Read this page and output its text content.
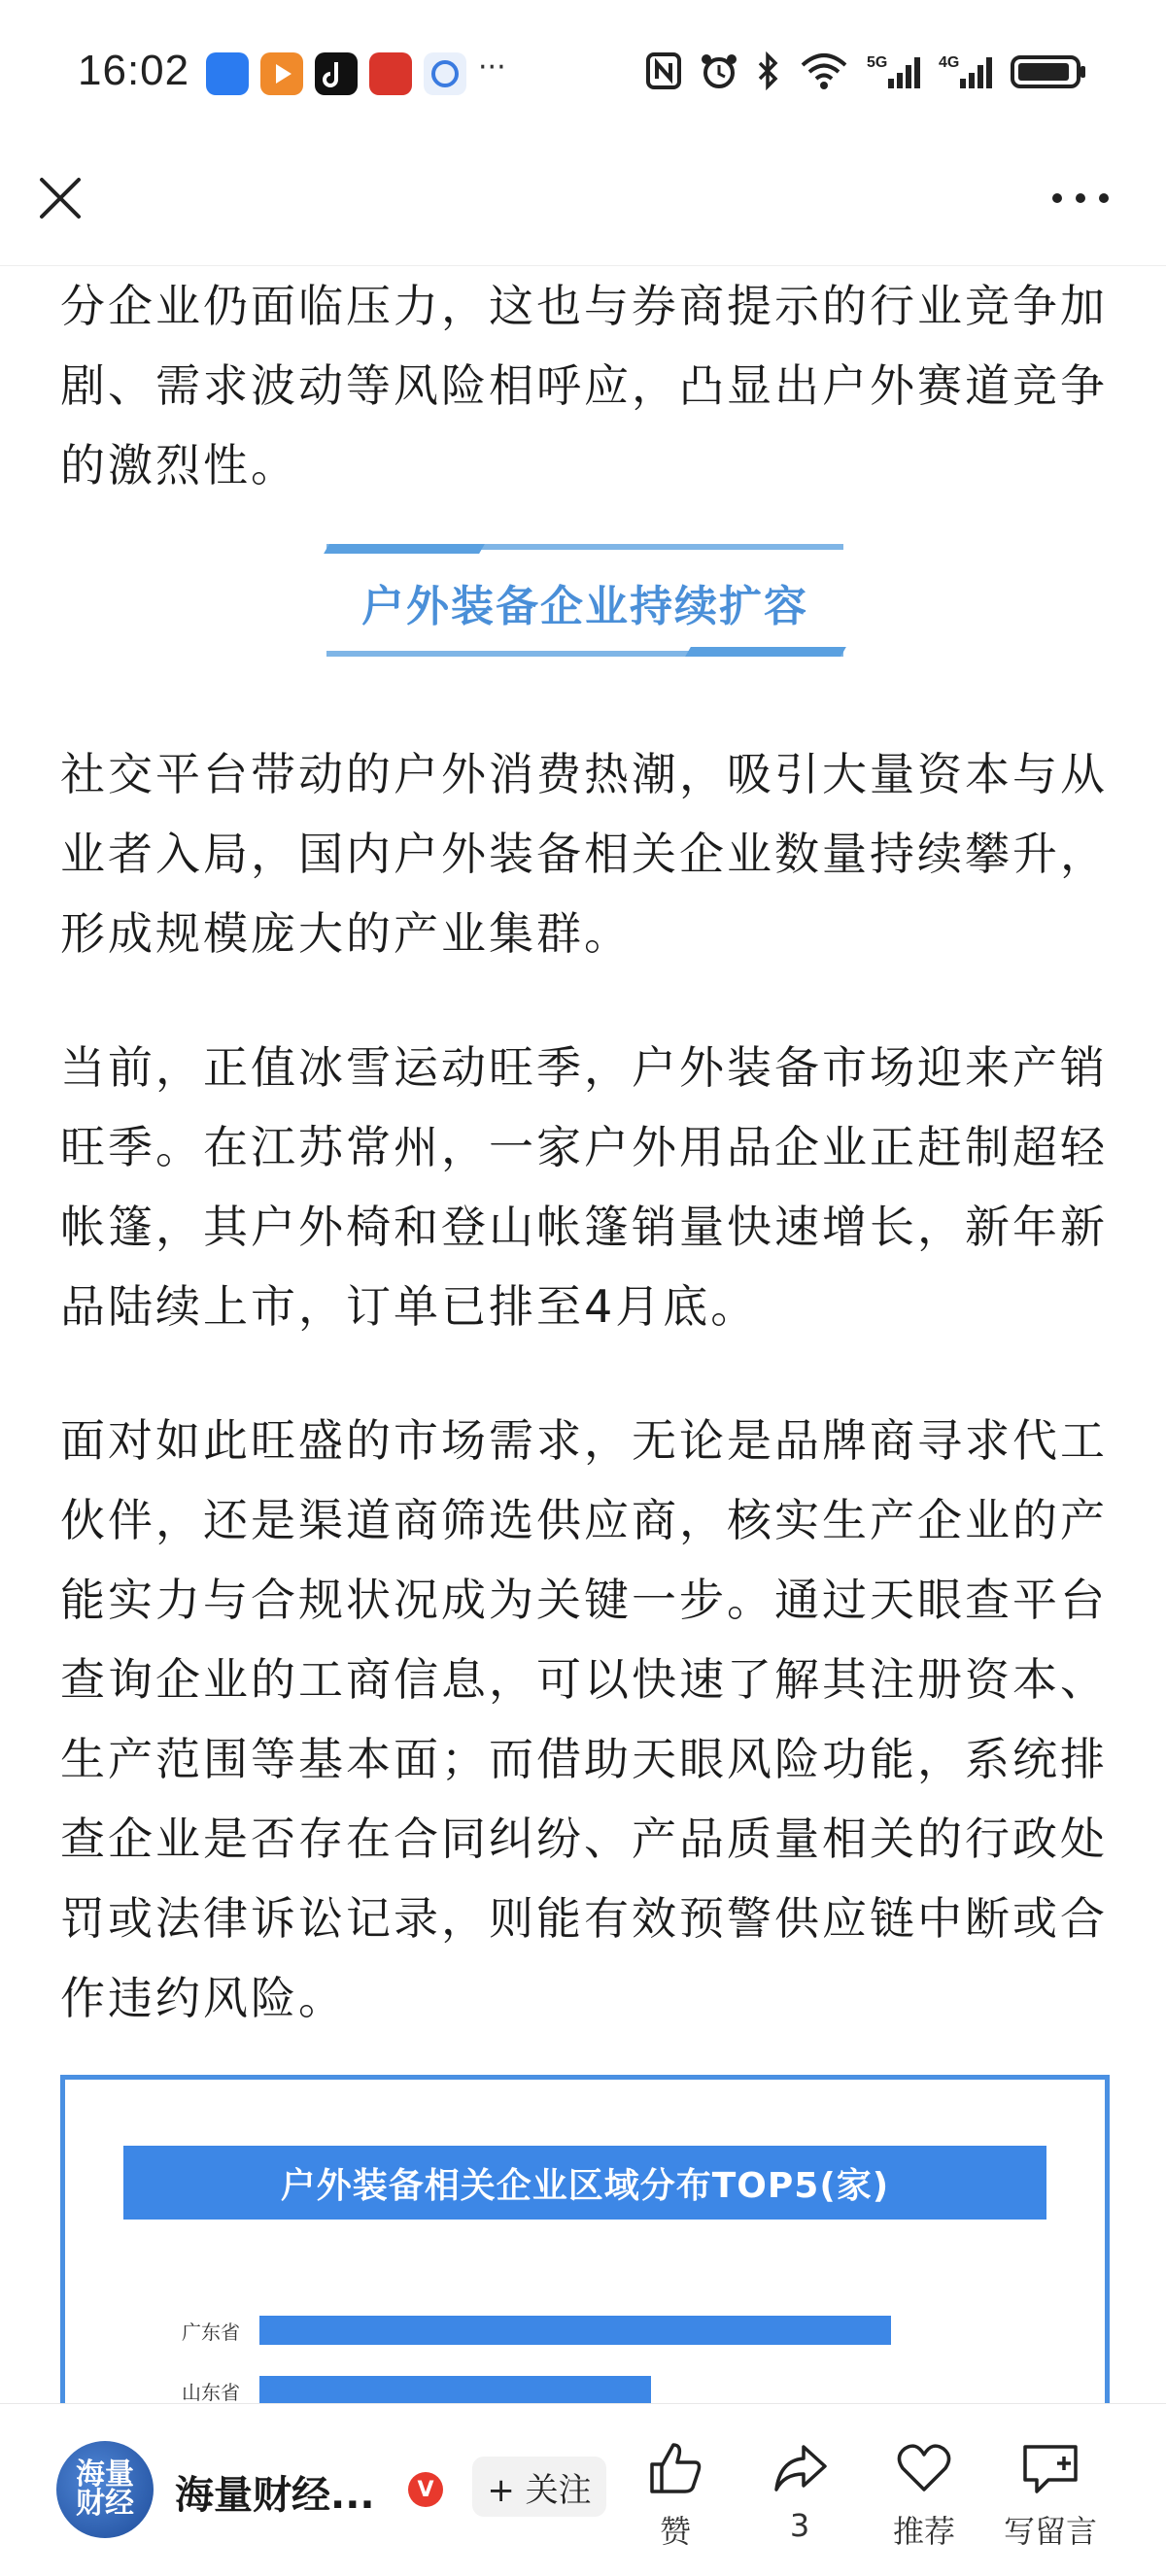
16:02	···	5G	4G

分企业仍面临压力，这也与券商提示的行业竞争加剧、需求波动等风险相呼应，凸显出户外赛道竞争的激烈性。

户外装备企业持续扩容

社交平台带动的户外消费热潮，吸引大量资本与从业者入局，国内户外装备相关企业数量持续攀升，形成规模庞大的产业集群。

当前，正值冰雪运动旺季，户外装备市场迎来产销旺季。在江苏常州，一家户外用品企业正赶制超轻帐篷，其户外椅和登山帐篷销量快速增长，新年新品陆续上市，订单已排至4月底。

面对如此旺盛的市场需求，无论是品牌商寻求代工伙伴，还是渠道商筛选供应商，核实生产企业的产能实力与合规状况成为关键一步。通过天眼查平台查询企业的工商信息，可以快速了解其注册资本、生产范围等基本面；而借助天眼风险功能，系统排查企业是否存在合同纠纷、产品质量相关的行政处罚或法律诉讼记录，则能有效预警供应链中断或合作违约风险。

户外装备相关企业区域分布TOP5(家)
广东省
山东省
海量
财经 海量财经...	V	+ 关注
赞	3	推荐	写留言
